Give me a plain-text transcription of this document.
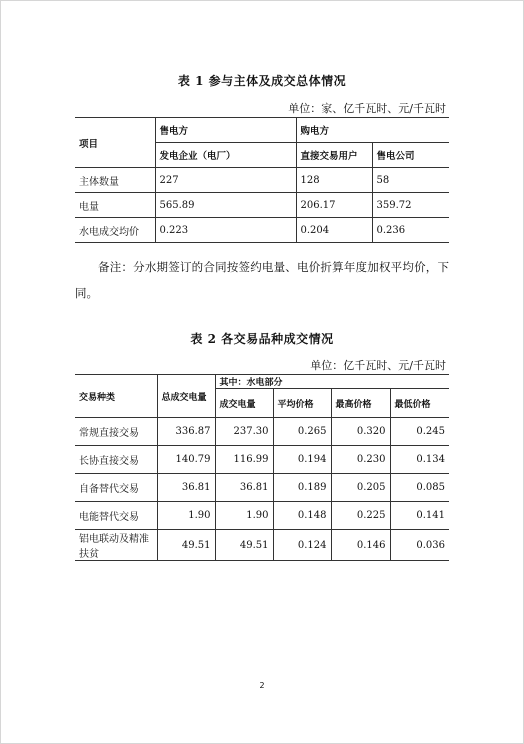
表 1 参与主体及成交总体情况
单位：家、亿千瓦时、元/千瓦时
项目	售电方	购电方	
	发电企业（电厂）	直接交易用户	售电公司
主体数量	227	128	58
电量	565.89	206.17	359.72
水电成交均价	0.223	0.204	0.236

备注：分水期签订的合同按签约电量、电价折算年度加权平均价，下同。

表 2 各交易品种成交情况
单位：亿千瓦时、元/千瓦时
交易种类	总成交电量	其中：水电部分			
		成交电量	平均价格	最高价格	最低价格
常规直接交易	336.87	237.30	0.265	0.320	0.245
长协直接交易	140.79	116.99	0.194	0.230	0.134
自备替代交易	36.81	36.81	0.189	0.205	0.085
电能替代交易	1.90	1.90	0.148	0.225	0.141
铝电联动及精准扶贫	49.51	49.51	0.124	0.146	0.036
2
